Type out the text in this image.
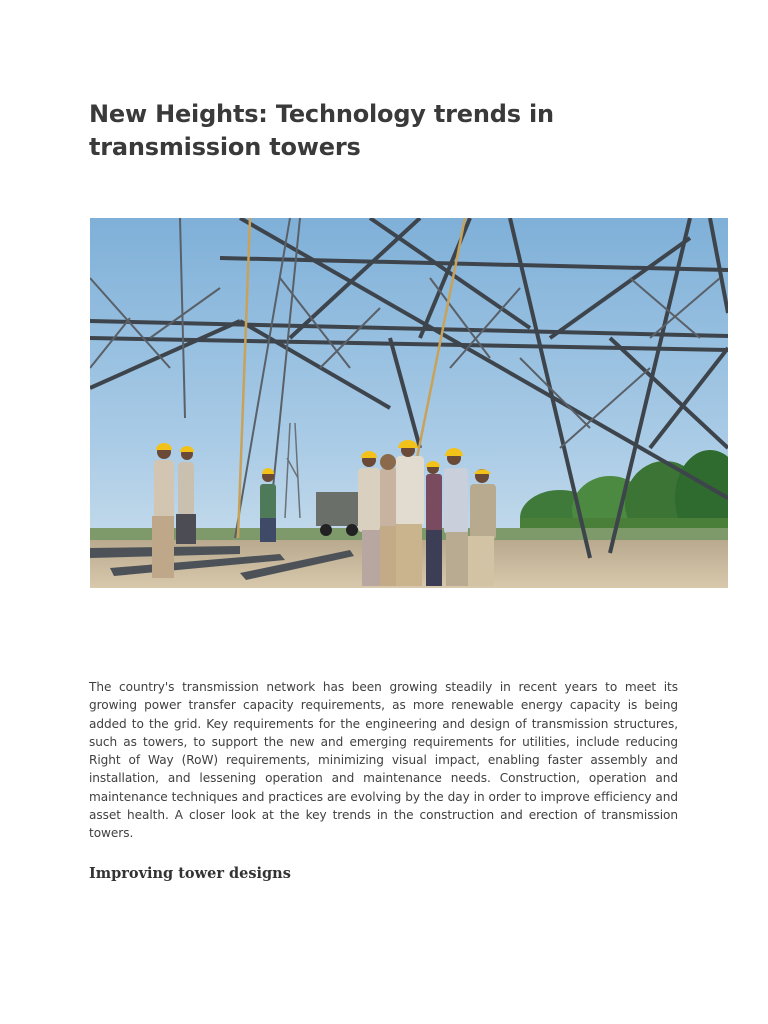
New Heights: Technology trends in transmission towers

The country's transmission network has been growing steadily in recent years to meet its growing power transfer capacity requirements, as more renewable energy capacity is being added to the grid. Key requirements for the engineering and design of transmission structures, such as towers, to support the new and emerging requirements for utilities, include reducing Right of Way (RoW) requirements, minimizing visual impact, enabling faster assembly and installation, and lessening operation and maintenance needs. Construction, operation and maintenance techniques and practices are evolving by the day in order to improve efficiency and asset health. A closer look at the key trends in the construction and erection of transmission towers.

Improving tower designs
